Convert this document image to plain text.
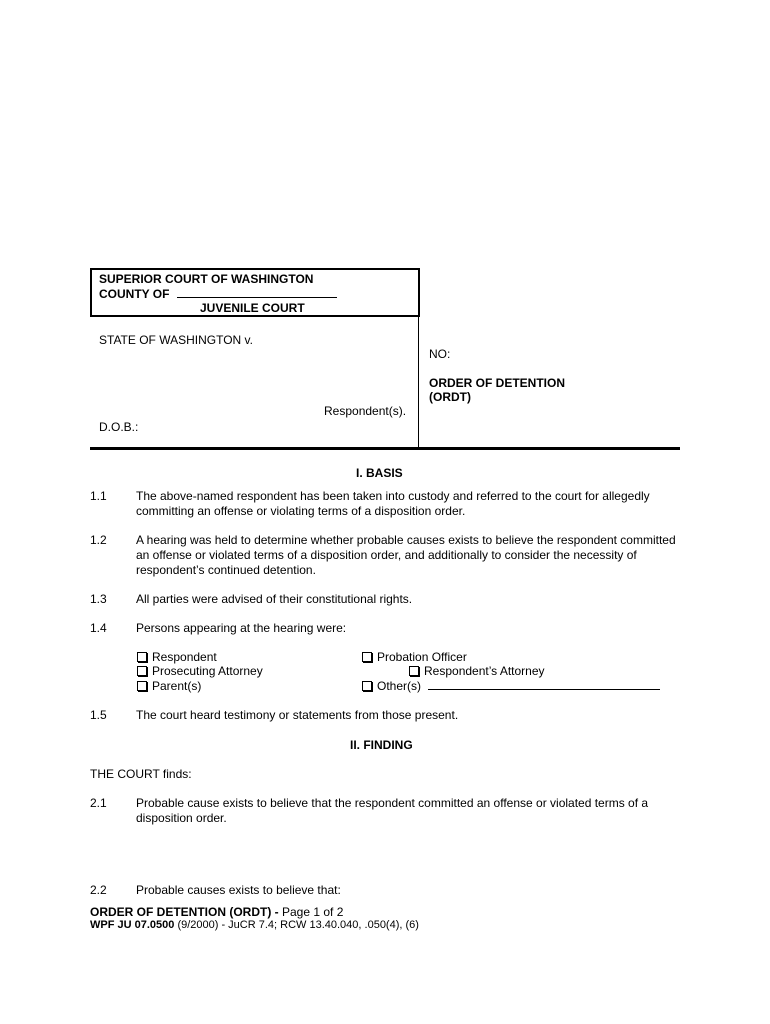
SUPERIOR COURT OF WASHINGTON
COUNTY OF
JUVENILE COURT
STATE OF WASHINGTON v.
Respondent(s).
D.O.B.:
NO:
ORDER OF DETENTION
(ORDT)
I. BASIS
1.1 The above-named respondent has been taken into custody and referred to the court for allegedly committing an offense or violating terms of a disposition order.
1.2 A hearing was held to determine whether probable causes exists to believe the respondent committed an offense or violated terms of a disposition order, and additionally to consider the necessity of respondent’s continued detention.
1.3 All parties were advised of their constitutional rights.
1.4 Persons appearing at the hearing were:
Respondent	Probation Officer
Prosecuting Attorney	Respondent’s Attorney
Parent(s)	Other(s)
1.5 The court heard testimony or statements from those present.
II. FINDING
THE COURT finds:
2.1 Probable cause exists to believe that the respondent committed an offense or violated terms of a disposition order.
2.2 Probable causes exists to believe that:
ORDER OF DETENTION (ORDT) - Page 1 of 2
WPF JU 07.0500 (9/2000) - JuCR 7.4; RCW 13.40.040, .050(4), (6)
